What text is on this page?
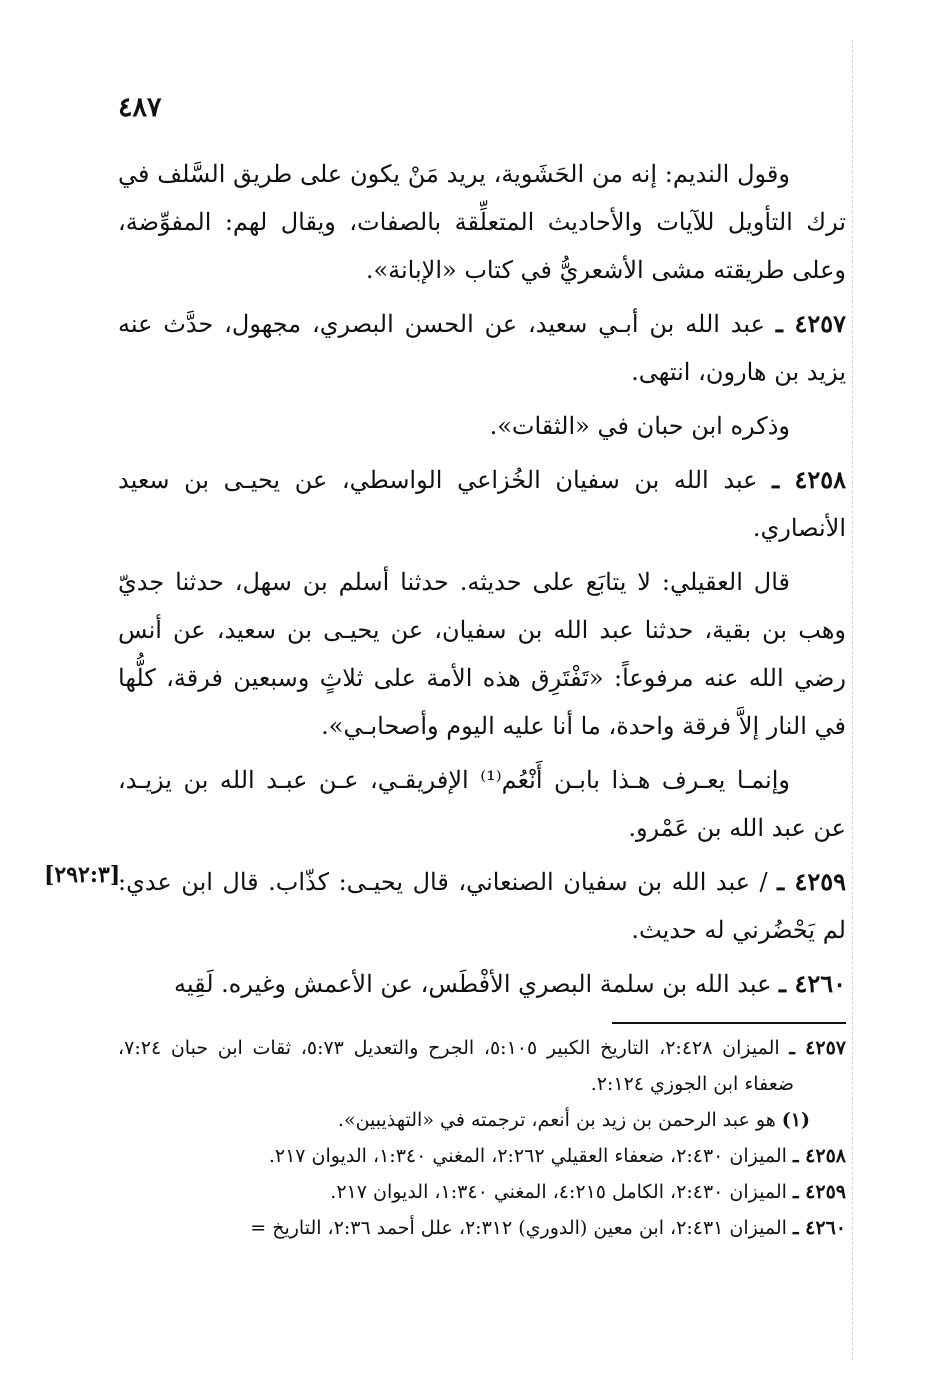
٤٨٧
[٢٩٢:٣]

وقول النديم: إنه من الحَشَوية، يريد مَنْ يكون على طريق السَّلف في ترك التأويل للآيات والأحاديث المتعلِّقة بالصفات، ويقال لهم: المفوِّضة، وعلى طريقته مشى الأشعريُّ في كتاب «الإبانة».

٤٢٥٧ ـ عبد الله بن أبـي سعيد، عن الحسن البصري، مجهول، حدَّث عنه يزيد بن هارون، انتهى.

وذكره ابن حبان في «الثقات».

٤٢٥٨ ـ عبد الله بن سفيان الخُزاعي الواسطي، عن يحيـى بن سعيد الأنصاري.

قال العقيلي: لا يتابَع على حديثه. حدثنا أسلم بن سهل، حدثنا جديّ وهب بن بقية، حدثنا عبد الله بن سفيان، عن يحيـى بن سعيد، عن أنس رضي الله عنه مرفوعاً: «تَفْتَرِق هذه الأمة على ثلاثٍ وسبعين فرقة، كلُّها في النار إلاَّ فرقة واحدة، ما أنا عليه اليوم وأصحابـي».

وإنمـا يعـرف هـذا بابـن أَنْعُم⁽¹⁾ الإفريقـي، عـن عبـد الله بن يزيـد، عن عبد الله بن عَمْرو.

٤٢٥٩ ـ / عبد الله بن سفيان الصنعاني، قال يحيـى: كذّاب. قال ابن عدي: لم يَحْضُرني له حديث.

٤٢٦٠ ـ عبد الله بن سلمة البصري الأفْطَس، عن الأعمش وغيره. لَقِيه

٤٢٥٧ ـ الميزان ٢:٤٢٨، التاريخ الكبير ٥:١٠٥، الجرح والتعديل ٥:٧٣، ثقات ابن حبان ٧:٢٤، ضعفاء ابن الجوزي ٢:١٢٤.

(١) هو عبد الرحمن بن زيد بن أنعم، ترجمته في «التهذيبين».

٤٢٥٨ ـ الميزان ٢:٤٣٠، ضعفاء العقيلي ٢:٢٦٢، المغني ١:٣٤٠، الديوان ٢١٧.

٤٢٥٩ ـ الميزان ٢:٤٣٠، الكامل ٤:٢١٥، المغني ١:٣٤٠، الديوان ٢١٧.

٤٢٦٠ ـ الميزان ٢:٤٣١، ابن معين (الدوري) ٢:٣١٢، علل أحمد ٢:٣٦، التاريخ =
